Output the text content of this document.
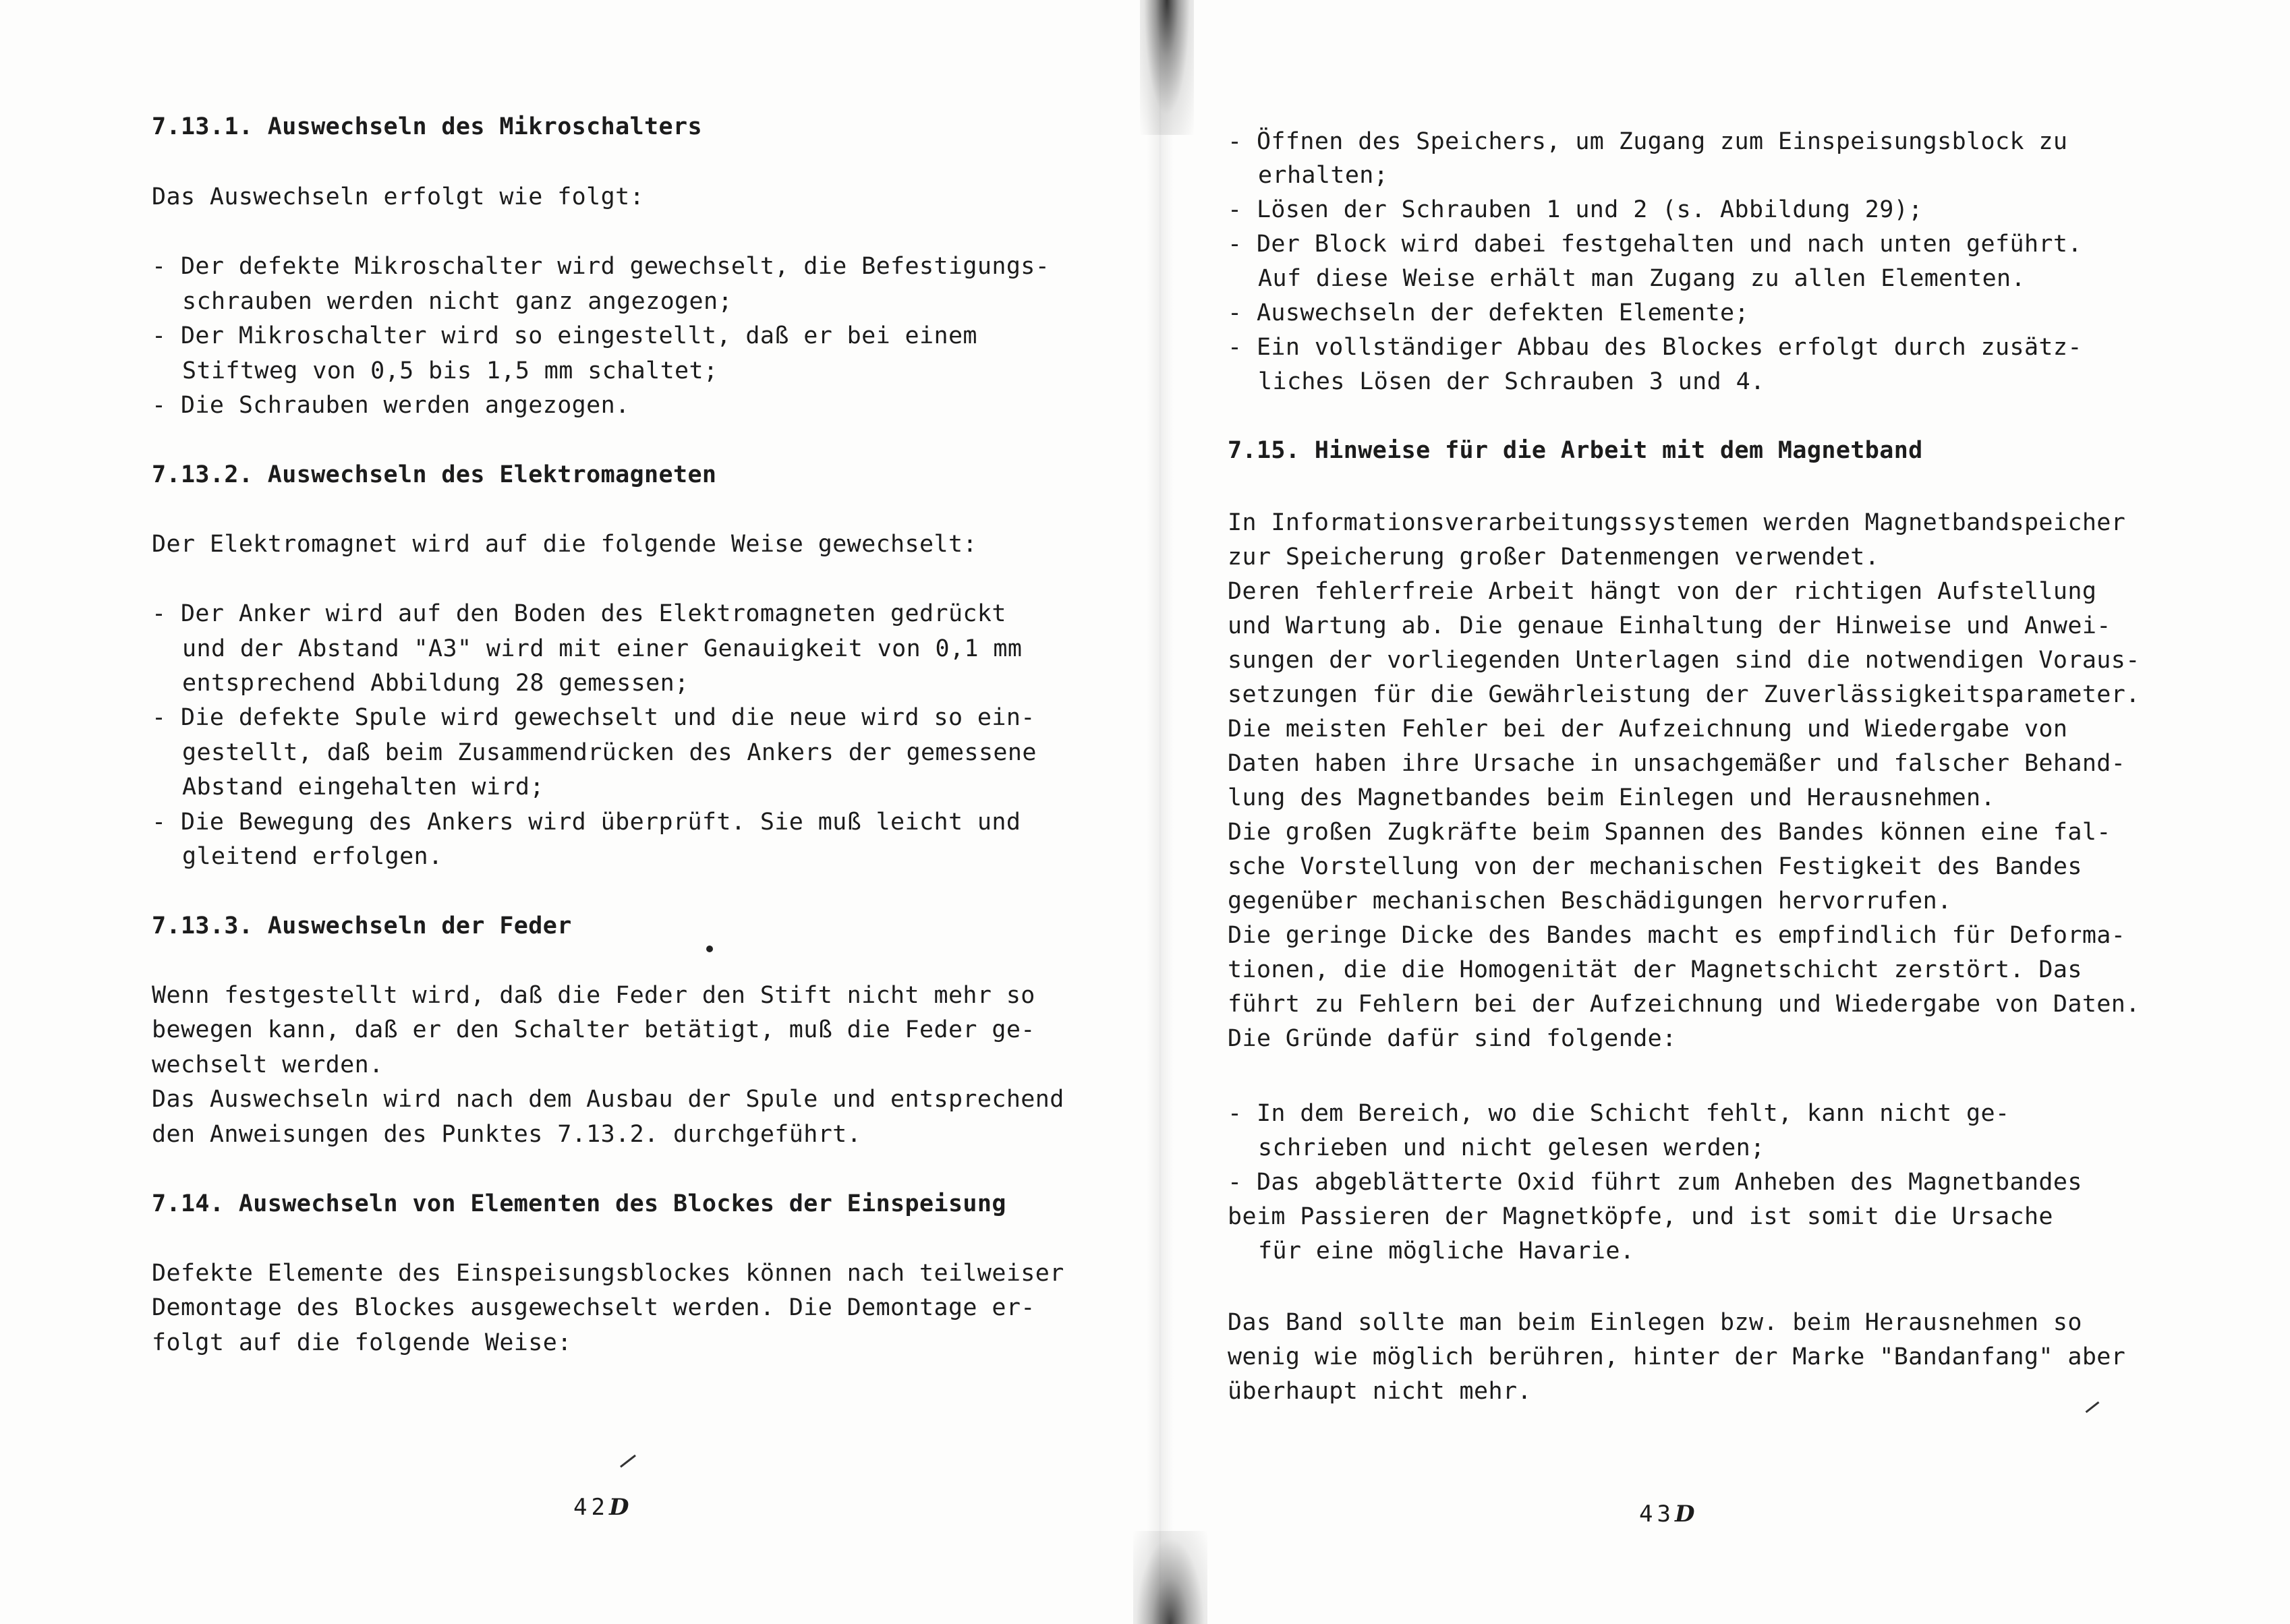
42D
7.13.1. Auswechseln des Mikroschalters
Das Auswechseln erfolgt wie folgt:
- Der defekte Mikroschalter wird gewechselt, die Befestigungs-
schrauben werden nicht ganz angezogen;
- Der Mikroschalter wird so eingestellt, daß er bei einem
Stiftweg von 0,5 bis 1,5 mm schaltet;
- Die Schrauben werden angezogen.
7.13.2. Auswechseln des Elektromagneten
Der Elektromagnet wird auf die folgende Weise gewechselt:
- Der Anker wird auf den Boden des Elektromagneten gedrückt
und der Abstand "A3" wird mit einer Genauigkeit von 0,1 mm
entsprechend Abbildung 28 gemessen;
- Die defekte Spule wird gewechselt und die neue wird so ein-
gestellt, daß beim Zusammendrücken des Ankers der gemessene
Abstand eingehalten wird;
- Die Bewegung des Ankers wird überprüft. Sie muß leicht und
gleitend erfolgen.
7.13.3. Auswechseln der Feder
Wenn festgestellt wird, daß die Feder den Stift nicht mehr so
bewegen kann, daß er den Schalter betätigt, muß die Feder ge-
wechselt werden.
Das Auswechseln wird nach dem Ausbau der Spule und entsprechend
den Anweisungen des Punktes 7.13.2. durchgeführt.
7.14. Auswechseln von Elementen des Blockes der Einspeisung
Defekte Elemente des Einspeisungsblockes können nach teilweiser
Demontage des Blockes ausgewechselt werden. Die Demontage er-
folgt auf die folgende Weise:
43D
- Öffnen des Speichers, um Zugang zum Einspeisungsblock zu
erhalten;
- Lösen der Schrauben 1 und 2 (s. Abbildung 29);
- Der Block wird dabei festgehalten und nach unten geführt.
Auf diese Weise erhält man Zugang zu allen Elementen.
- Auswechseln der defekten Elemente;
- Ein vollständiger Abbau des Blockes erfolgt durch zusätz-
liches Lösen der Schrauben 3 und 4.
7.15. Hinweise für die Arbeit mit dem Magnetband
In Informationsverarbeitungssystemen werden Magnetbandspeicher
zur Speicherung großer Datenmengen verwendet.
Deren fehlerfreie Arbeit hängt von der richtigen Aufstellung
und Wartung ab. Die genaue Einhaltung der Hinweise und Anwei-
sungen der vorliegenden Unterlagen sind die notwendigen Voraus-
setzungen für die Gewährleistung der Zuverlässigkeitsparameter.
Die meisten Fehler bei der Aufzeichnung und Wiedergabe von
Daten haben ihre Ursache in unsachgemäßer und falscher Behand-
lung des Magnetbandes beim Einlegen und Herausnehmen.
Die großen Zugkräfte beim Spannen des Bandes können eine fal-
sche Vorstellung von der mechanischen Festigkeit des Bandes
gegenüber mechanischen Beschädigungen hervorrufen.
Die geringe Dicke des Bandes macht es empfindlich für Deforma-
tionen, die die Homogenität der Magnetschicht zerstört. Das
führt zu Fehlern bei der Aufzeichnung und Wiedergabe von Daten.
Die Gründe dafür sind folgende:
- In dem Bereich, wo die Schicht fehlt, kann nicht ge-
schrieben und nicht gelesen werden;
- Das abgeblätterte Oxid führt zum Anheben des Magnetbandes
beim Passieren der Magnetköpfe, und ist somit die Ursache
für eine mögliche Havarie.
Das Band sollte man beim Einlegen bzw. beim Herausnehmen so
wenig wie möglich berühren, hinter der Marke "Bandanfang" aber
überhaupt nicht mehr.
